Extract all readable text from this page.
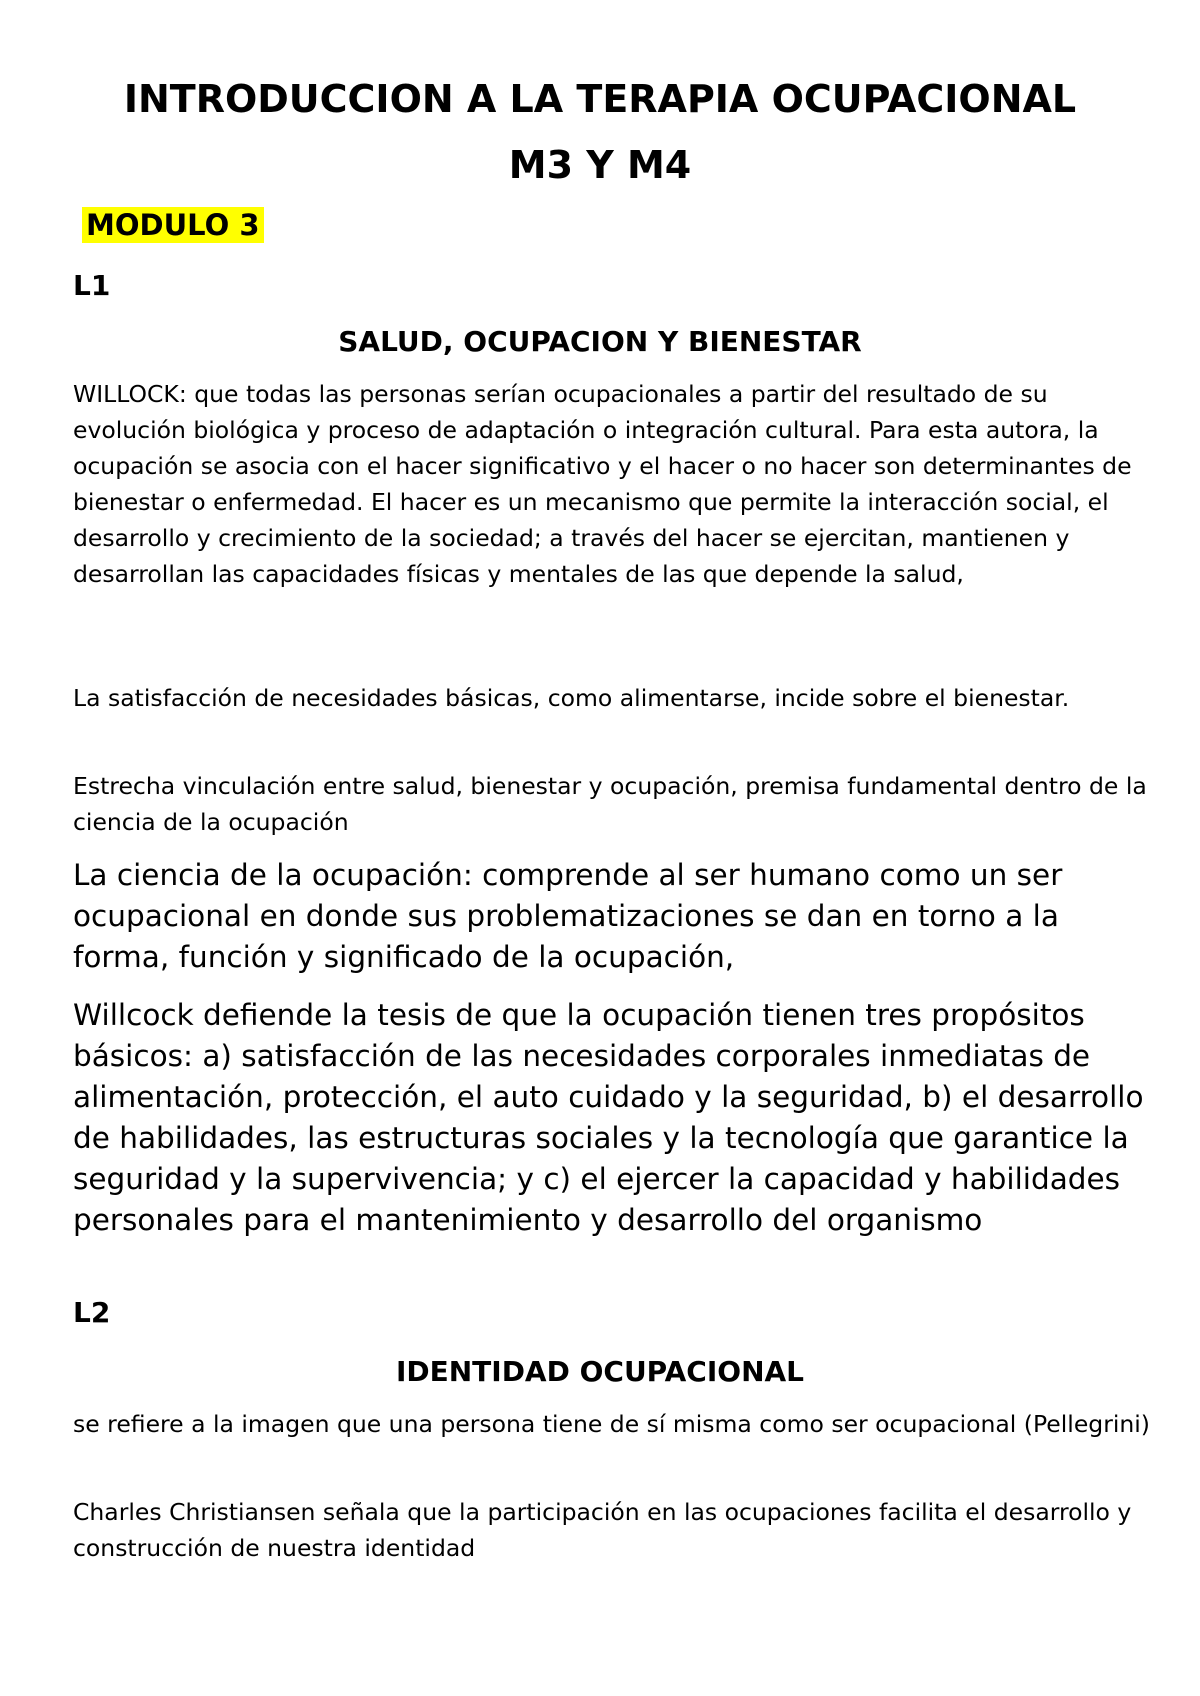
INTRODUCCION A LA TERAPIA OCUPACIONAL
M3 Y M4
MODULO 3
L1
SALUD, OCUPACION Y BIENESTAR

WILLOCK: que todas las personas serían ocupacionales a partir del resultado de su evolución biológica y proceso de adaptación o integración cultural. Para esta autora, la ocupación se asocia con el hacer significativo y el hacer o no hacer son determinantes de bienestar o enfermedad. El hacer es un mecanismo que permite la interacción social, el desarrollo y crecimiento de la sociedad; a través del hacer se ejercitan, mantienen y desarrollan las capacidades físicas y mentales de las que depende la salud,

La satisfacción de necesidades básicas, como alimentarse, incide sobre el bienestar.

Estrecha vinculación entre salud, bienestar y ocupación, premisa fundamental dentro de la ciencia de la ocupación

La ciencia de la ocupación: comprende al ser humano como un ser ocupacional en donde sus problematizaciones se dan en torno a la forma, función y significado de la ocupación,

Willcock defiende la tesis de que la ocupación tienen tres propósitos básicos: a) satisfacción de las necesidades corporales inmediatas de alimentación, protección, el auto cuidado y la seguridad, b) el desarrollo de habilidades, las estructuras sociales y la tecnología que garantice la seguridad y la supervivencia; y c) el ejercer la capacidad y habilidades personales para el mantenimiento y desarrollo del organismo

L2
IDENTIDAD OCUPACIONAL

se refiere a la imagen que una persona tiene de sí misma como ser ocupacional (Pellegrini)

Charles Christiansen señala que la participación en las ocupaciones facilita el desarrollo y construcción de nuestra identidad
